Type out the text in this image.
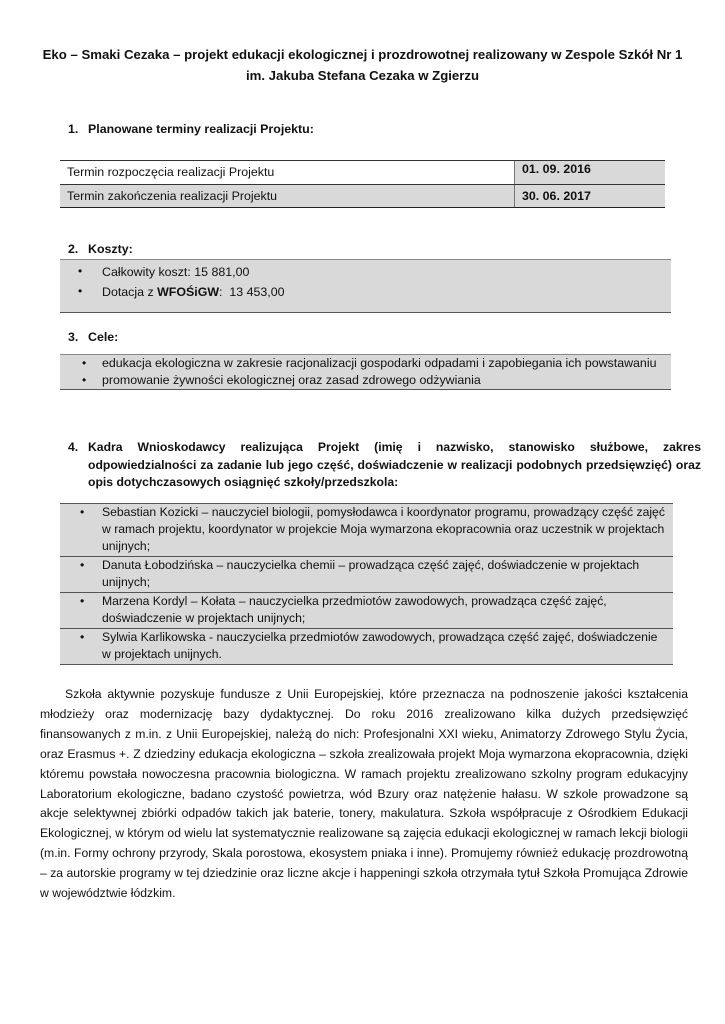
Eko – Smaki Cezaka – projekt edukacji ekologicznej i prozdrowotnej realizowany w Zespole Szkół Nr 1 im. Jakuba Stefana Cezaka w Zgierzu
1. Planowane terminy realizacji Projektu:
Termin rozpoczęcia realizacji Projektu	01. 09. 2016
Termin zakończenia realizacji Projektu	30. 06. 2017
2. Koszty:
• Całkowity koszt: 15 881,00
• Dotacja z WFOŚiGW:  13 453,00
3. Cele:
• edukacja ekologiczna w zakresie racjonalizacji gospodarki odpadami i zapobiegania ich powstawaniu
• promowanie żywności ekologicznej oraz zasad zdrowego odżywiania
4. Kadra Wnioskodawcy realizująca Projekt (imię i nazwisko, stanowisko służbowe, zakres odpowiedzialności za zadanie lub jego część, doświadczenie w realizacji podobnych przedsięwzięć) oraz opis dotychczasowych osiągnięć szkoły/przedszkola:
• Sebastian Kozicki – nauczyciel biologii, pomysłodawca i koordynator programu, prowadzący część zajęć w ramach projektu, koordynator w projekcie Moja wymarzona ekopracownia oraz uczestnik w projektach unijnych;

• Danuta Łobodzińska – nauczycielka chemii – prowadząca część zajęć, doświadczenie w projektach unijnych;

• Marzena Kordyl – Kołata – nauczycielka przedmiotów zawodowych, prowadząca część zajęć, doświadczenie w projektach unijnych;

• Sylwia Karlikowska - nauczycielka przedmiotów zawodowych, prowadząca część zajęć, doświadczenie w projektach unijnych.

Szkoła aktywnie pozyskuje fundusze z Unii Europejskiej, które przeznacza na podnoszenie jakości kształcenia młodzieży oraz modernizację bazy dydaktycznej. Do roku 2016 zrealizowano kilka dużych przedsięwzięć finansowanych z m.in. z Unii Europejskiej, należą do nich: Profesjonalni XXI wieku, Animatorzy Zdrowego Stylu Życia, oraz Erasmus +. Z dziedziny edukacja ekologiczna – szkoła zrealizowała projekt Moja wymarzona ekopracownia, dzięki któremu powstała nowoczesna pracownia biologiczna. W ramach projektu zrealizowano szkolny program edukacyjny Laboratorium ekologiczne, badano czystość powietrza, wód Bzury oraz natężenie hałasu. W szkole prowadzone są akcje selektywnej zbiórki odpadów takich jak baterie, tonery, makulatura. Szkoła współpracuje z Ośrodkiem Edukacji Ekologicznej, w którym od wielu lat systematycznie realizowane są zajęcia edukacji ekologicznej w ramach lekcji biologii (m.in. Formy ochrony przyrody, Skala porostowa, ekosystem pniaka i inne). Promujemy również edukację prozdrowotną – za autorskie programy w tej dziedzinie oraz liczne akcje i happeningi szkoła otrzymała tytuł Szkoła Promująca Zdrowie w województwie łódzkim.
